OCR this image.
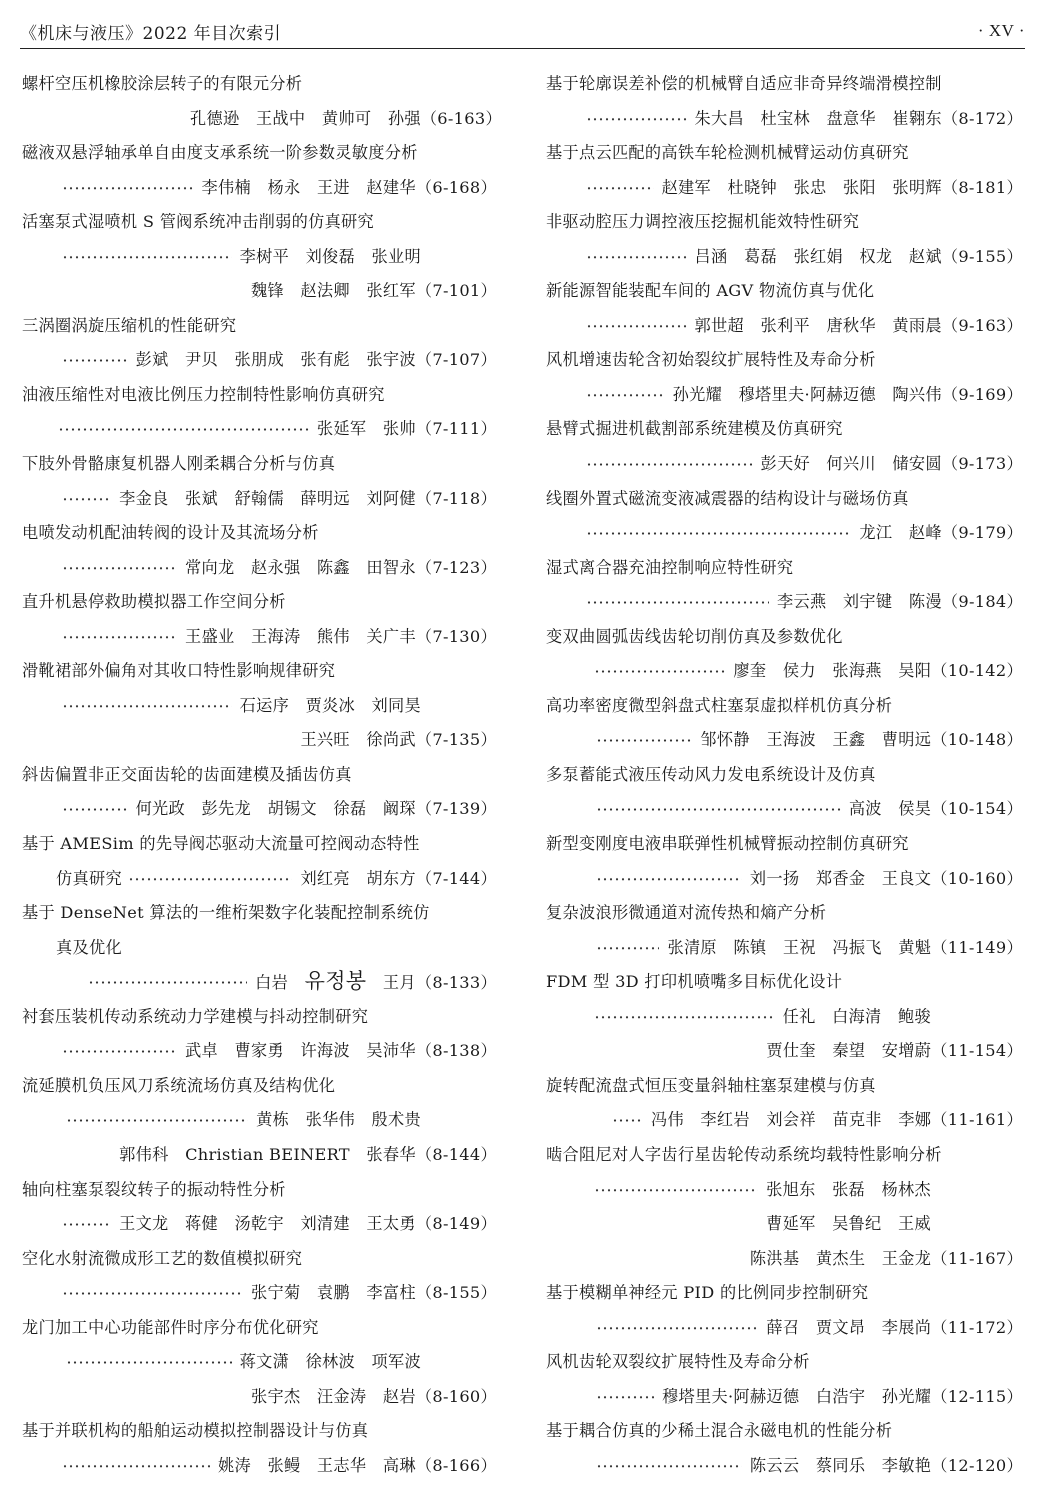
《机床与液压》2022 年目次索引	· XV ·
螺杆空压机橡胶涂层转子的有限元分析
孔德逊　王战中　黄帅可　孙强（6-163）
磁液双悬浮轴承单自由度支承系统一阶参数灵敏度分析
李伟楠　杨永　王进　赵建华（6-168）
活塞泵式湿喷机 S 管阀系统冲击削弱的仿真研究
李树平　刘俊磊　张业明
魏锋　赵法卿　张红军（7-101）
三涡圈涡旋压缩机的性能研究
彭斌　尹贝　张朋成　张有彪　张宇波（7-107）
油液压缩性对电液比例压力控制特性影响仿真研究
张延军　张帅（7-111）
下肢外骨骼康复机器人刚柔耦合分析与仿真
李金良　张斌　舒翰儒　薛明远　刘阿健（7-118）
电喷发动机配油转阀的设计及其流场分析
常向龙　赵永强　陈鑫　田智永（7-123）
直升机悬停救助模拟器工作空间分析
王盛业　王海涛　熊伟　关广丰（7-130）
滑靴裙部外偏角对其收口特性影响规律研究
石运序　贾炎冰　刘同昊
王兴旺　徐尚武（7-135）
斜齿偏置非正交面齿轮的齿面建模及插齿仿真
何光政　彭先龙　胡锡文　徐磊　阚琛（7-139）
基于 AMESim 的先导阀芯驱动大流量可控阀动态特性
仿真研究	刘红亮　胡东方（7-144）
基于 DenseNet 算法的一维桁架数字化装配控制系统仿
真及优化
白岩　유정봉　王月（8-133）
衬套压装机传动系统动力学建模与抖动控制研究
武卓　曹家勇　许海波　吴沛华（8-138）
流延膜机负压风刀系统流场仿真及结构优化
黄栋　张华伟　殷术贵
郭伟科　Christian BEINERT　张春华（8-144）
轴向柱塞泵裂纹转子的振动特性分析
王文龙　蒋健　汤乾宇　刘清建　王太勇（8-149）
空化水射流微成形工艺的数值模拟研究
张宁菊　袁鹏　李富柱（8-155）
龙门加工中心功能部件时序分布优化研究
蒋文潇　徐林波　项军波
张宇杰　汪金涛　赵岩（8-160）
基于并联机构的船舶运动模拟控制器设计与仿真
姚涛　张鳗　王志华　高琳（8-166）
基于轮廓误差补偿的机械臂自适应非奇异终端滑模控制
朱大昌　杜宝林　盘意华　崔翱东（8-172）
基于点云匹配的高铁车轮检测机械臂运动仿真研究
赵建军　杜晓钟　张忠　张阳　张明辉（8-181）
非驱动腔压力调控液压挖掘机能效特性研究
吕涵　葛磊　张红娟　权龙　赵斌（9-155）
新能源智能装配车间的 AGV 物流仿真与优化
郭世超　张利平　唐秋华　黄雨晨（9-163）
风机增速齿轮含初始裂纹扩展特性及寿命分析
孙光耀　穆塔里夫·阿赫迈德　陶兴伟（9-169）
悬臂式掘进机截割部系统建模及仿真研究
彭天好　何兴川　储安圆（9-173）
线圈外置式磁流变液减震器的结构设计与磁场仿真
龙江　赵峰（9-179）
湿式离合器充油控制响应特性研究
李云燕　刘宇键　陈漫（9-184）
变双曲圆弧齿线齿轮切削仿真及参数优化
廖奎　侯力　张海燕　吴阳（10-142）
高功率密度微型斜盘式柱塞泵虚拟样机仿真分析
邹怀静　王海波　王鑫　曹明远（10-148）
多泵蓄能式液压传动风力发电系统设计及仿真
高波　侯昊（10-154）
新型变刚度电液串联弹性机械臂振动控制仿真研究
刘一扬　郑香金　王良文（10-160）
复杂波浪形微通道对流传热和熵产分析
张清原　陈镇　王祝　冯振飞　黄魁（11-149）
FDM 型 3D 打印机喷嘴多目标优化设计
任礼　白海清　鲍骏
贾仕奎　秦望　安增蔚（11-154）
旋转配流盘式恒压变量斜轴柱塞泵建模与仿真
冯伟　李红岩　刘会祥　苗克非　李娜（11-161）
啮合阻尼对人字齿行星齿轮传动系统均载特性影响分析
张旭东　张磊　杨林杰
曹延军　吴鲁纪　王威
陈洪基　黄杰生　王金龙（11-167）
基于模糊单神经元 PID 的比例同步控制研究
薛召　贾文昂　李展尚（11-172）
风机齿轮双裂纹扩展特性及寿命分析
穆塔里夫·阿赫迈德　白浩宇　孙光耀（12-115）
基于耦合仿真的少稀土混合永磁电机的性能分析
陈云云　蔡同乐　李敏艳（12-120）
